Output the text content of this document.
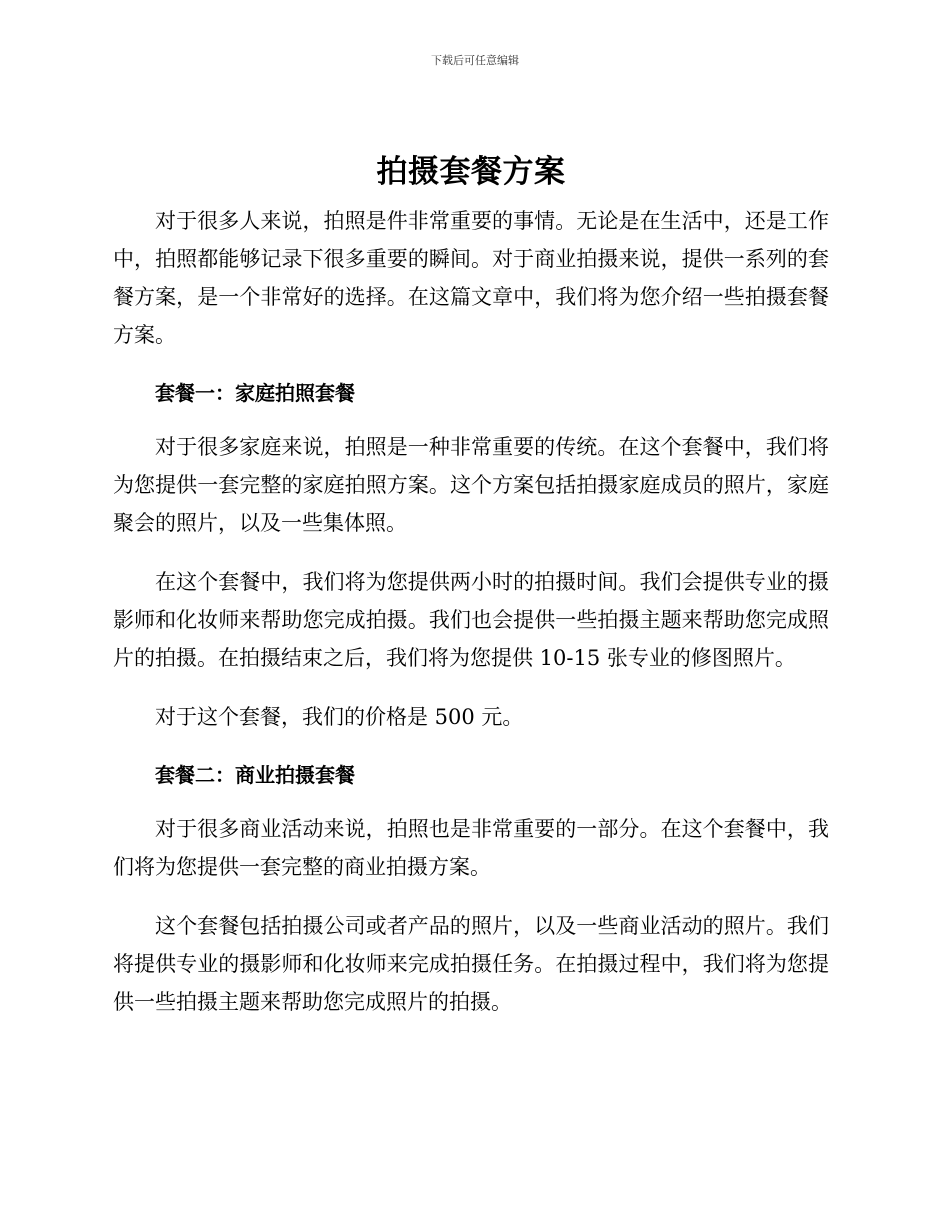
下载后可任意编辑
拍摄套餐方案

对于很多人来说，拍照是件非常重要的事情。无论是在生活中，还是工作中，拍照都能够记录下很多重要的瞬间。对于商业拍摄来说，提供一系列的套餐方案，是一个非常好的选择。在这篇文章中，我们将为您介绍一些拍摄套餐方案。

套餐一：家庭拍照套餐

对于很多家庭来说，拍照是一种非常重要的传统。在这个套餐中，我们将为您提供一套完整的家庭拍照方案。这个方案包括拍摄家庭成员的照片，家庭聚会的照片，以及一些集体照。

在这个套餐中，我们将为您提供两小时的拍摄时间。我们会提供专业的摄影师和化妆师来帮助您完成拍摄。我们也会提供一些拍摄主题来帮助您完成照片的拍摄。在拍摄结束之后，我们将为您提供 10-15 张专业的修图照片。

对于这个套餐，我们的价格是 500 元。

套餐二：商业拍摄套餐

对于很多商业活动来说，拍照也是非常重要的一部分。在这个套餐中，我们将为您提供一套完整的商业拍摄方案。

这个套餐包括拍摄公司或者产品的照片，以及一些商业活动的照片。我们将提供专业的摄影师和化妆师来完成拍摄任务。在拍摄过程中，我们将为您提供一些拍摄主题来帮助您完成照片的拍摄。
